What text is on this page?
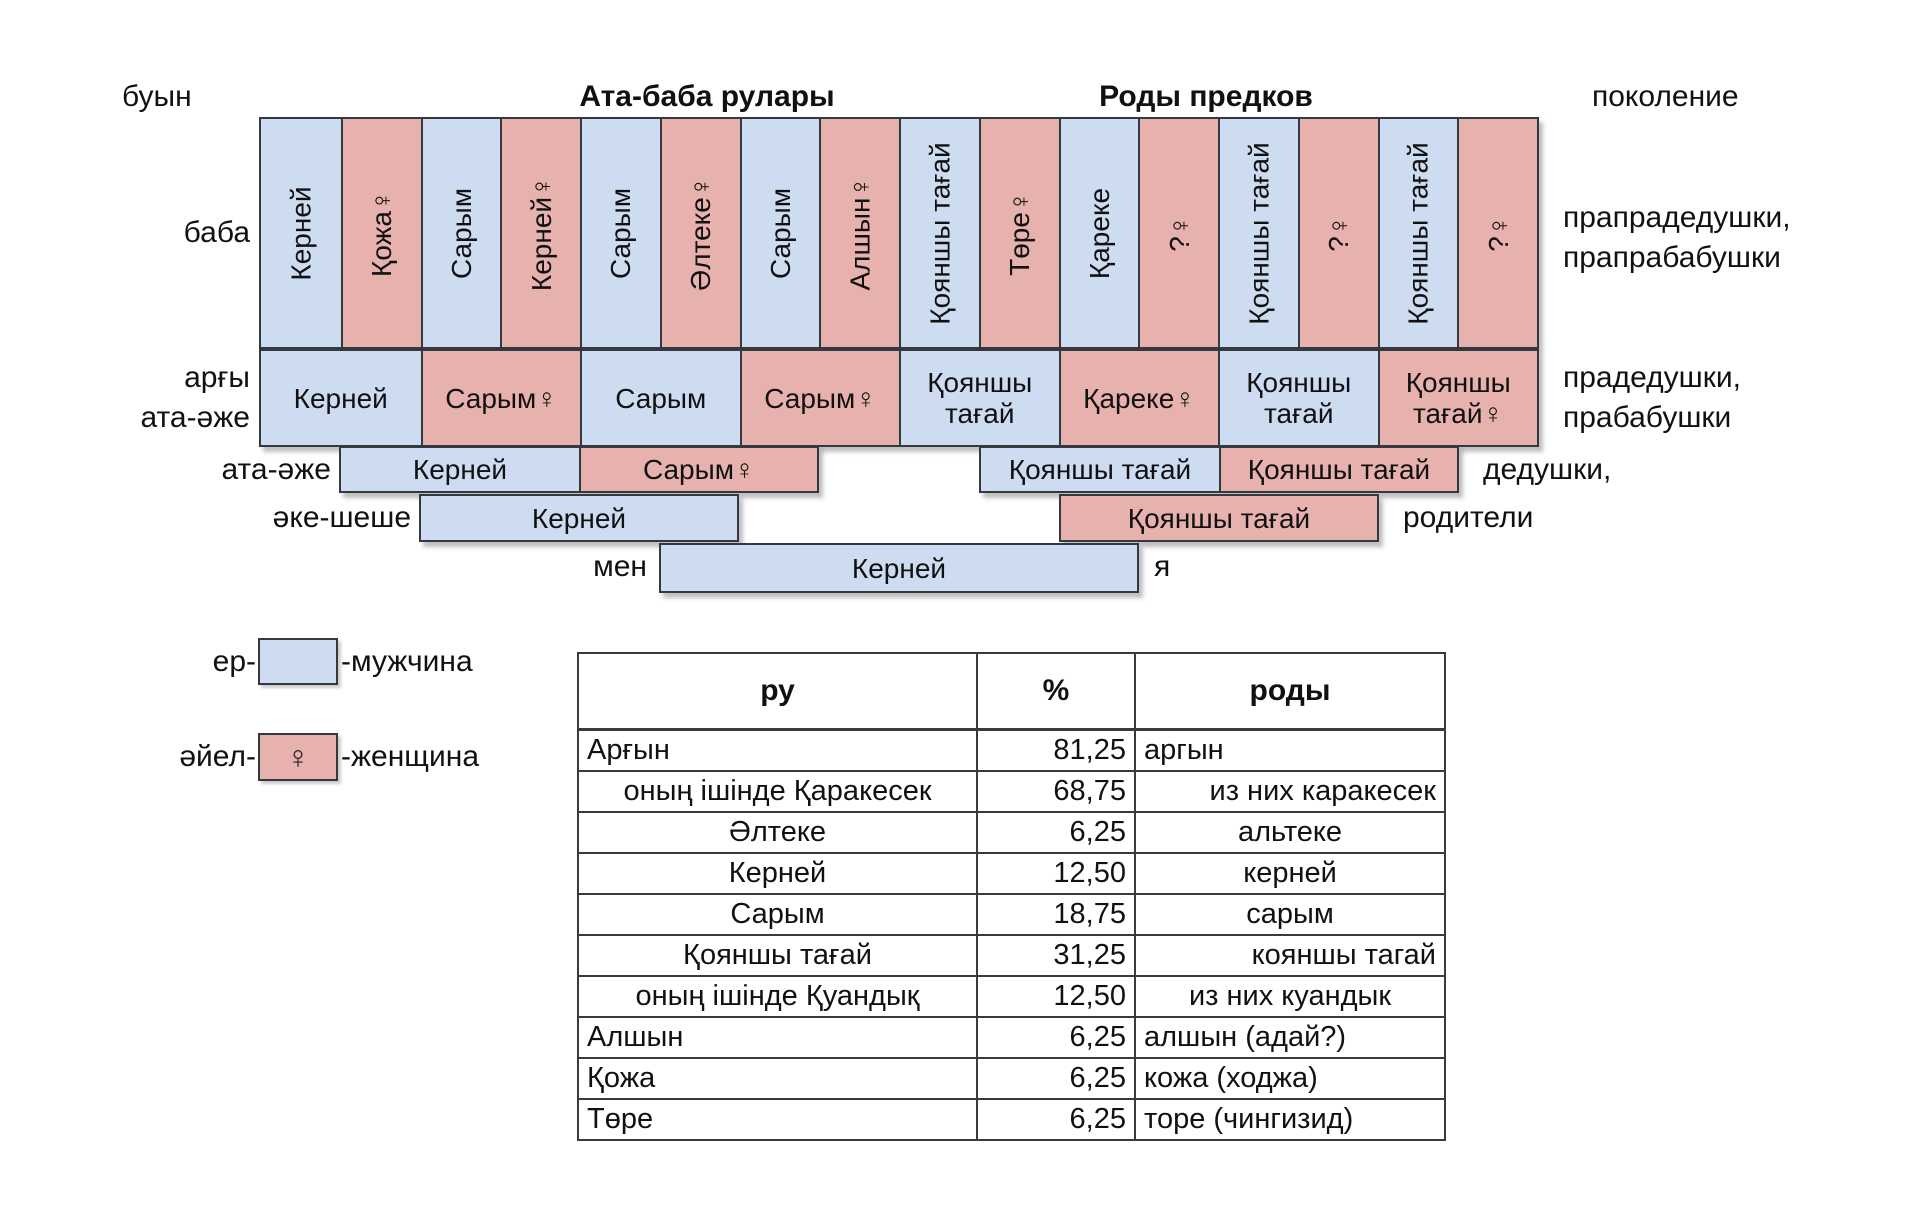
буын	Ата-баба рулары	Роды предков	поколение
Керней Қожа♀ Сарым Керней♀ Сарым Әлтеке♀ Сарым Алшын♀ Қояншы тағай Төре♀ Қареке ?♀ Қояншы тағай ?♀ Қояншы тағай ?♀
баба	прапрадедушки,
прапрабабушки
Керней Сарым♀ Сарым Сарым♀	Қояншы тағай	Қареке♀	Қояншы тағай
Қояншы тағай♀
арғы
ата-әже
прадедушки,
прабабушки
Керней	Сарым♀	Қояншы тағай Қояншы тағай
ата-әже	дедушки,
Керней	Қояншы тағай
әке-шеше	родители
Керней
мен	я
ер-	-мужчина
әйел- ♀ -женщина
ру	%	роды
Арғын	81,25	аргын
оның ішінде Қаракесек	68,75	из них каракесек
Әлтеке	6,25	альтеке
Керней	12,50	керней
Сарым	18,75	сарым
Қояншы тағай	31,25	кояншы тагай
оның ішінде Қуандық	12,50	из них куандык
Алшын	6,25	алшын (адай?)
Қожа	6,25	кожа (ходжа)
Төре	6,25	торе (чингизид)
